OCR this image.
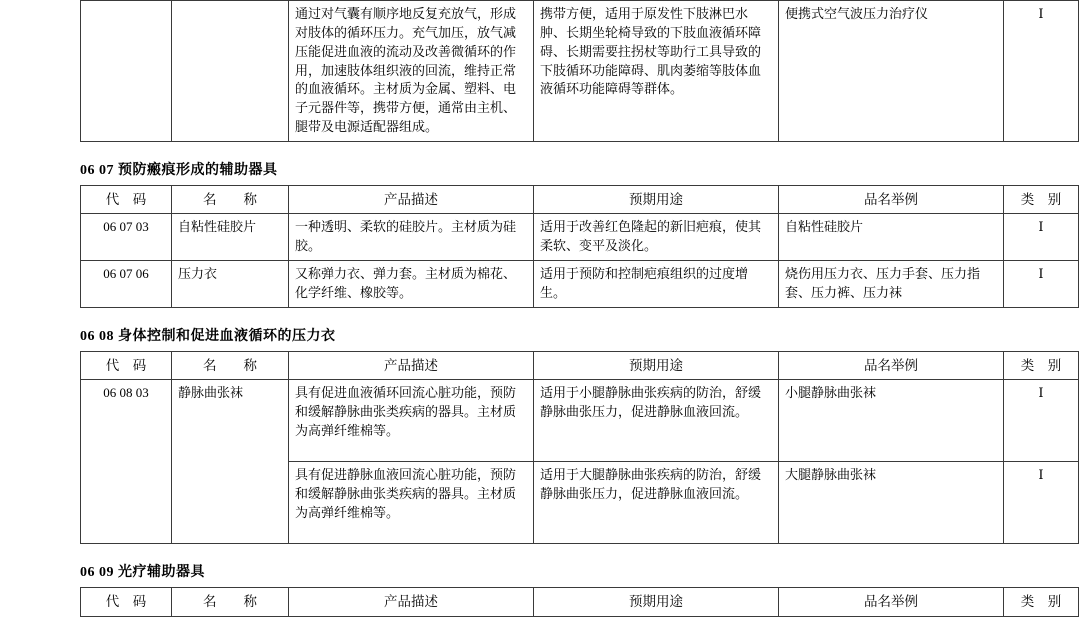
		通过对气囊有顺序地反复充放气，形成对肢体的循环压力。充气加压，放气减压能促进血液的流动及改善微循环的作用，加速肢体组织液的回流，维持正常的血液循环。主材质为金属、塑料、电子元器件等，携带方便，通常由主机、腿带及电源适配器组成。	携带方便，适用于原发性下肢淋巴水肿、长期坐轮椅导致的下肢血液循环障碍、长期需要拄拐杖等助行工具导致的下肢循环功能障碍、肌肉萎缩等肢体血液循环功能障碍等群体。	便携式空气波压力治疗仪	Ⅰ
06 07 预防瘢痕形成的辅助器具
代　码	名　　称	产品描述	预期用途	品名举例	类　别
06 07 03	自粘性硅胶片	一种透明、柔软的硅胶片。主材质为硅胶。	适用于改善红色隆起的新旧疤痕，使其柔软、变平及淡化。	自粘性硅胶片	Ⅰ
06 07 06	压力衣	又称弹力衣、弹力套。主材质为棉花、化学纤维、橡胶等。	适用于预防和控制疤痕组织的过度增生。	烧伤用压力衣、压力手套、压力指套、压力裤、压力袜	Ⅰ
06 08 身体控制和促进血液循环的压力衣
代　码	名　　称	产品描述	预期用途	品名举例	类　别
06 08 03	静脉曲张袜	具有促进血液循环回流心脏功能，预防和缓解静脉曲张类疾病的器具。主材质为高弹纤维棉等。	适用于小腿静脉曲张疾病的防治，舒缓静脉曲张压力，促进静脉血液回流。	小腿静脉曲张袜	Ⅰ
		具有促进静脉血液回流心脏功能，预防和缓解静脉曲张类疾病的器具。主材质为高弹纤维棉等。	适用于大腿静脉曲张疾病的防治，舒缓静脉曲张压力，促进静脉血液回流。	大腿静脉曲张袜	Ⅰ
06 09 光疗辅助器具
代　码	名　　称	产品描述	预期用途	品名举例	类　别
